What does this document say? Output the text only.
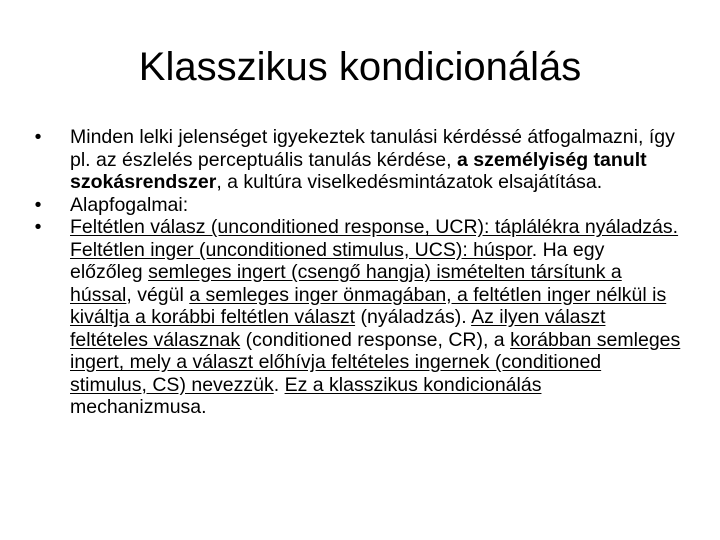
Klasszikus kondicionálás
• Minden lelki jelenséget igyekeztek tanulási kérdéssé átfogalmazni, így pl. az észlelés perceptuális tanulás kérdése, a személyiség tanult szokásrendszer, a kultúra viselkedésmintázatok elsajátítása.
• Alapfogalmai:
• Feltétlen válasz (unconditioned response, UCR): táplálékra nyáladzás. Feltétlen inger (unconditioned stimulus, UCS): húspor. Ha egy előzőleg semleges ingert (csengő hangja) ismételten társítunk a hússal, végül a semleges inger önmagában, a feltétlen inger nélkül is kiváltja a korábbi feltétlen választ (nyáladzás). Az ilyen választ feltételes válasznak (conditioned response, CR), a korábban semleges ingert, mely a választ előhívja feltételes ingernek (conditioned stimulus, CS) nevezzük. Ez a klasszikus kondicionálás mechanizmusa.
